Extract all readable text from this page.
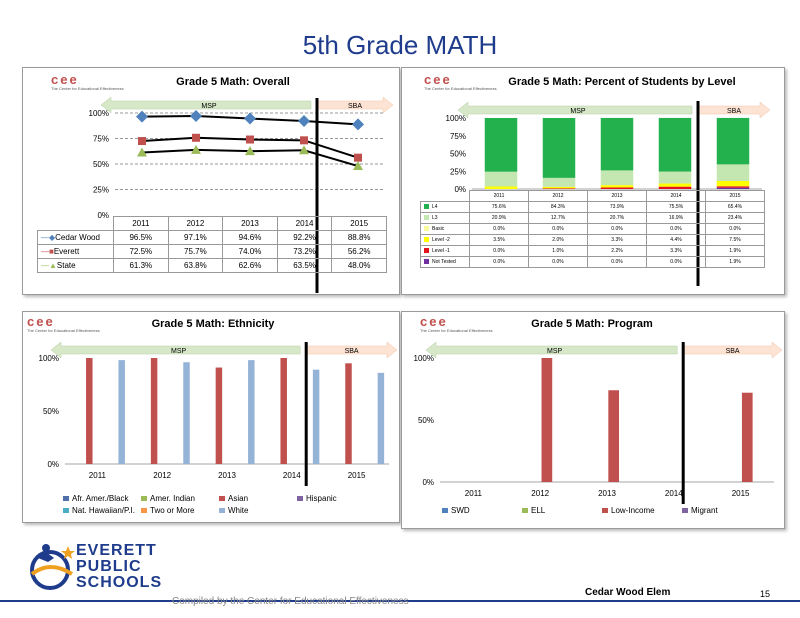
5th Grade MATH
cee
The Center for Educational Effectiveness
Grade 5 Math: Overall
MSP	SBA
0%
25%
50%
75%
100%
	2011	2012	2013	2014	2015
—◆Cedar Wood	96.5%	97.1%	94.6%	92.2%	88.8%
—■Everett	72.5%	75.7%	74.0%	73.2%	56.2%
—▲State	61.3%	63.8%	62.6%	63.5%	48.0%
cee
The Center for Educational Effectiveness
Grade 5 Math: Percent of Students by Level
MSP	SBA
0%
25%
50%
75%
100%
	2011	2012	2013	2014	2015
L4	75.6%	84.3%	73.9%	75.5%	65.4%
L3	20.9%	12.7%	20.7%	16.9%	23.4%
Basic	0.0%	0.0%	0.0%	0.0%	0.0%
Level -2	3.5%	2.0%	3.3%	4.4%	7.5%
Level -1	0.0%	1.0%	2.2%	3.3%	1.9%
Not Tested	0.0%	0.0%	0.0%	0.0%	1.9%
cee
The Center for Educational Effectiveness
Grade 5 Math: Ethnicity
MSP	SBA
0%
50%
100%
2011	2012	2013	2014	2015
Afr. Amer./Black	Amer. Indian	Asian	Hispanic
Nat. Hawaiian/P.I.	Two or More	White
cee
The Center for Educational Effectiveness
Grade 5 Math: Program
MSP	SBA
0%
50%
100%
2011	2012	2013	2014	2015
SWD	ELL	Low-Income	Migrant
EVERETT
PUBLIC
SCHOOLS
Compiled by the Center for Educational Effectiveness
Cedar Wood Elem	15
